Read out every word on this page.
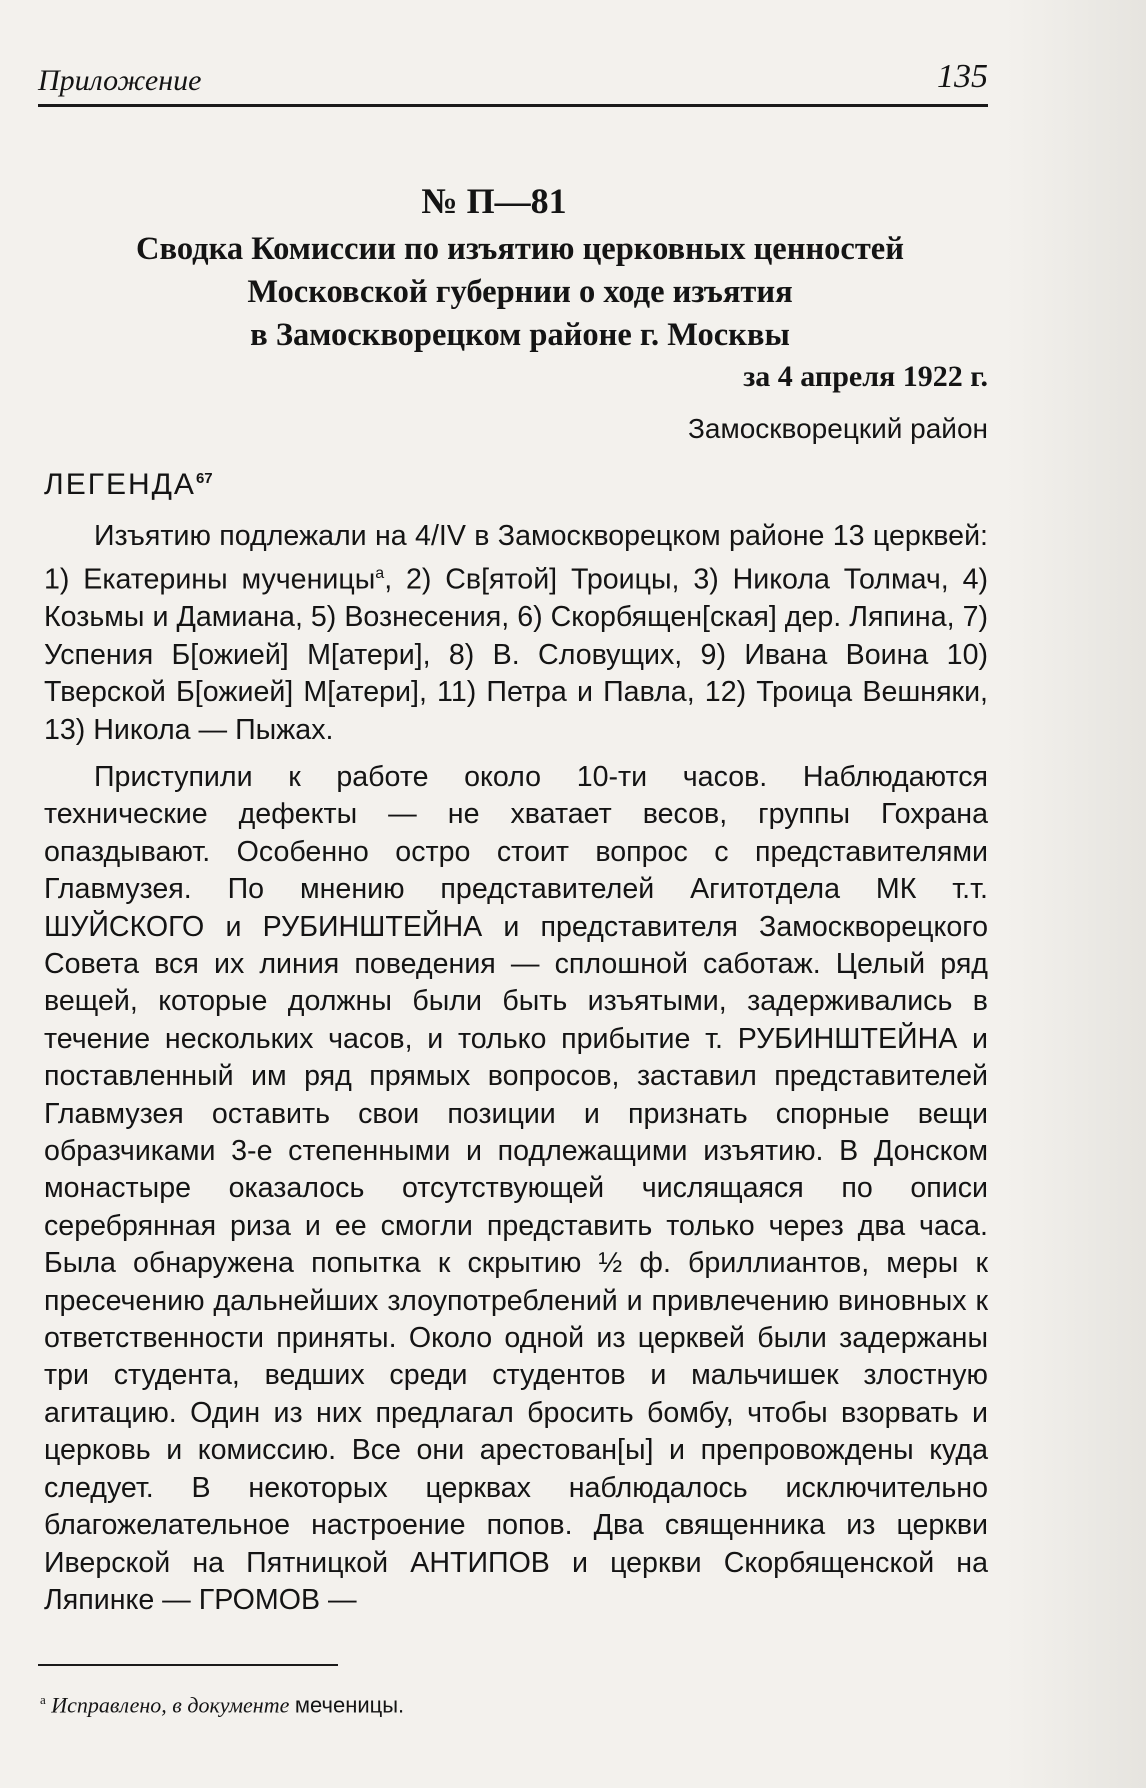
Приложение	135
№ П—81
Сводка Комиссии по изъятию церковных ценностей
Московской губернии о ходе изъятия
в Замоскворецком районе г. Москвы
за 4 апреля 1922 г.
Замоскворецкий район
ЛЕГЕНДА$^{67}$

Изъятию подлежали на 4/IV в Замоскворецком районе 13 церквей: 1) Екатерины мученицы$^а$, 2) Св[ятой] Троицы, 3) Никола Толмач, 4) Козьмы и Дамиана, 5) Вознесения, 6) Скорбящен[ская] дер. Ляпина, 7) Успения Б[ожией] М[атери], 8) В. Словущих, 9) Ивана Воина 10) Тверской Б[ожией] М[атери], 11) Петра и Павла, 12) Троица Вешняки, 13) Никола — Пыжах.

Приступили к работе около 10-ти часов. Наблюдаются технические дефекты — не хватает весов, группы Гохрана опаздывают. Особенно остро стоит вопрос с представителями Главмузея. По мнению представителей Агитотдела МК т.т. ШУЙСКОГО и РУБИНШТЕЙНА и представителя Замоскворецкого Совета вся их линия поведения — сплошной саботаж. Целый ряд вещей, которые должны были быть изъятыми, задерживались в течение нескольких часов, и только прибытие т. РУБИНШТЕЙНА и поставленный им ряд прямых вопросов, заставил представителей Главмузея оставить свои позиции и признать спорные вещи образчиками 3-е степенными и подлежащими изъятию. В Донском монастыре оказалось отсутствующей числящаяся по описи серебрянная риза и ее смогли представить только через два часа. Была обнаружена попытка к скрытию ½ ф. бриллиантов, меры к пресечению дальнейших злоупотреблений и привлечению виновных к ответственности приняты. Около одной из церквей были задержаны три студента, ведших среди студентов и мальчишек злостную агитацию. Один из них предлагал бросить бомбу, чтобы взорвать и церковь и комиссию. Все они арестован[ы] и препровождены куда следует. В некоторых церквах наблюдалось исключительно благожелательное настроение попов. Два священника из церкви Иверской на Пятницкой АНТИПОВ и церкви Скорбященской на Ляпинке — ГРОМОВ —

$^а$ Исправлено, в документе меченицы.
